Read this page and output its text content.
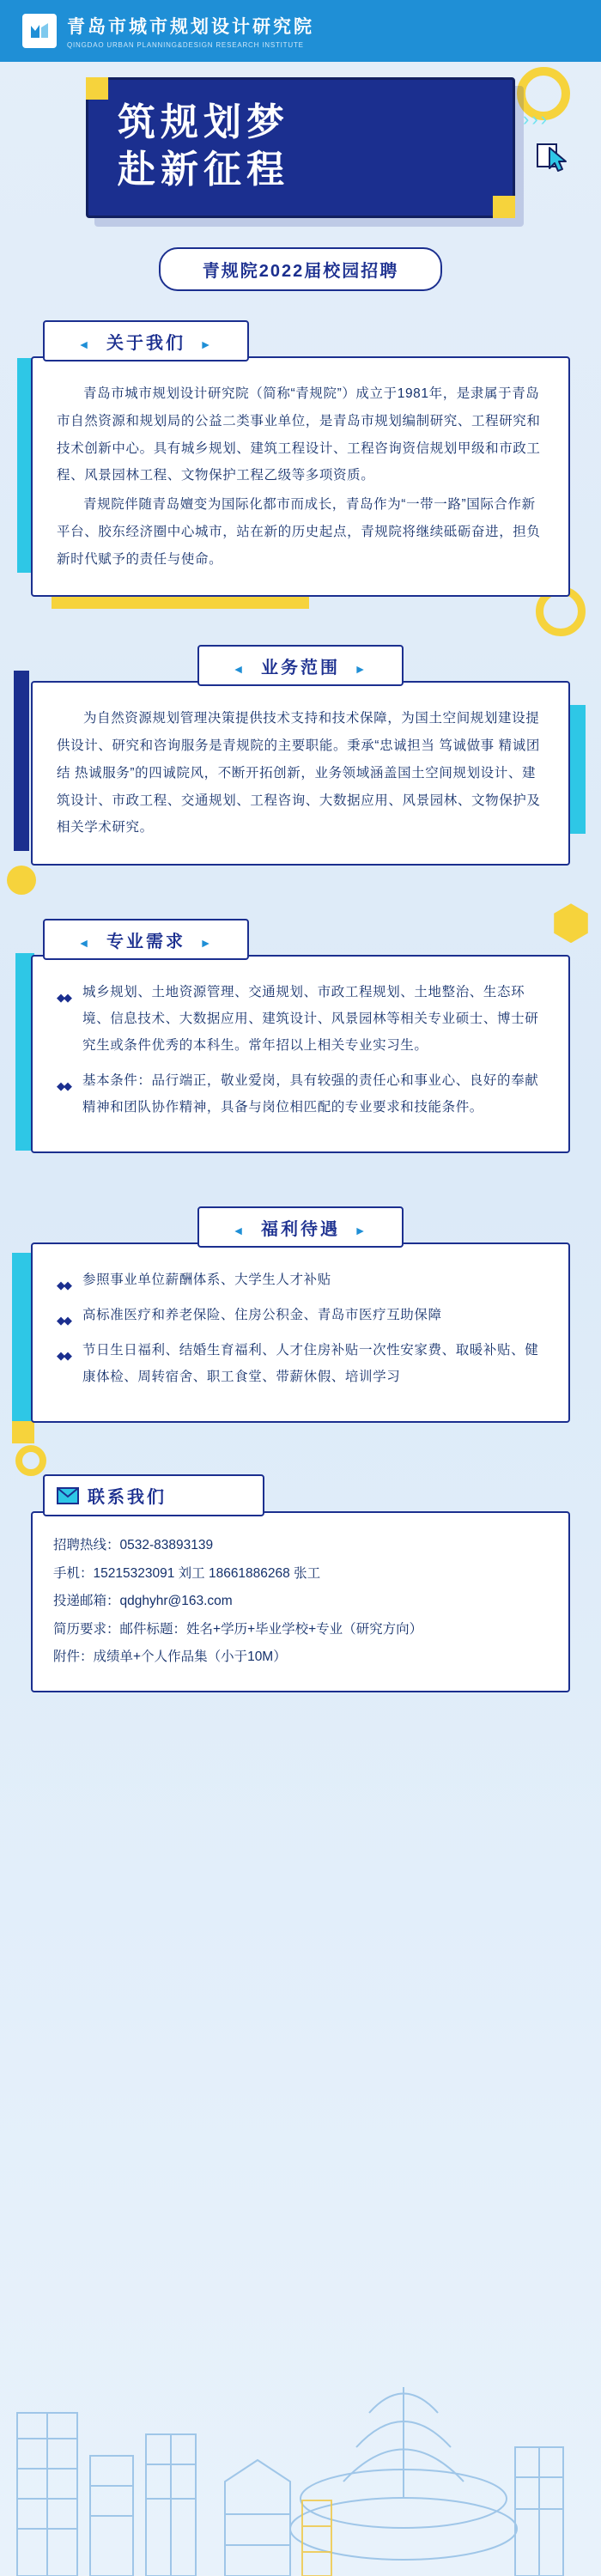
青岛市城市规划设计研究院
QINGDAO URBAN PLANNING&DESIGN RESEARCH INSTITUTE
筑规划梦
赴新征程
›››
青规院2022届校园招聘
◄ 关于我们 ►

青岛市城市规划设计研究院（简称“青规院”）成立于1981年，是隶属于青岛市自然资源和规划局的公益二类事业单位，是青岛市规划编制研究、工程研究和技术创新中心。具有城乡规划、建筑工程设计、工程咨询资信规划甲级和市政工程、风景园林工程、文物保护工程乙级等多项资质。

青规院伴随青岛嬗变为国际化都市而成长，青岛作为“一带一路”国际合作新平台、胶东经济圈中心城市，站在新的历史起点，青规院将继续砥砺奋进，担负新时代赋予的责任与使命。

◄ 业务范围 ►

为自然资源规划管理决策提供技术支持和技术保障，为国土空间规划建设提供设计、研究和咨询服务是青规院的主要职能。秉承“忠诚担当 笃诚做事 精诚团结 热诚服务”的四诚院风，不断开拓创新，业务领域涵盖国土空间规划设计、建筑设计、市政工程、交通规划、工程咨询、大数据应用、风景园林、文物保护及相关学术研究。

◄ 专业需求 ►
◆◆ 城乡规划、土地资源管理、交通规划、市政工程规划、土地整治、生态环境、信息技术、大数据应用、建筑设计、风景园林等相关专业硕士、博士研究生或条件优秀的本科生。常年招以上相关专业实习生。
◆◆ 基本条件：品行端正，敬业爱岗，具有较强的责任心和事业心、良好的奉献精神和团队协作精神，具备与岗位相匹配的专业要求和技能条件。
◄ 福利待遇 ►
◆◆ 参照事业单位薪酬体系、大学生人才补贴
◆◆ 高标准医疗和养老保险、住房公积金、青岛市医疗互助保障
◆◆ 节日生日福利、结婚生育福利、人才住房补贴一次性安家费、取暖补贴、健康体检、周转宿舍、职工食堂、带薪休假、培训学习
联系我们
招聘热线：0532-83893139
手机：15215323091 刘工 18661886268 张工
投递邮箱：qdghyhr@163.com
简历要求：邮件标题：姓名+学历+毕业学校+专业（研究方向）
附件：成绩单+个人作品集（小于10M）
